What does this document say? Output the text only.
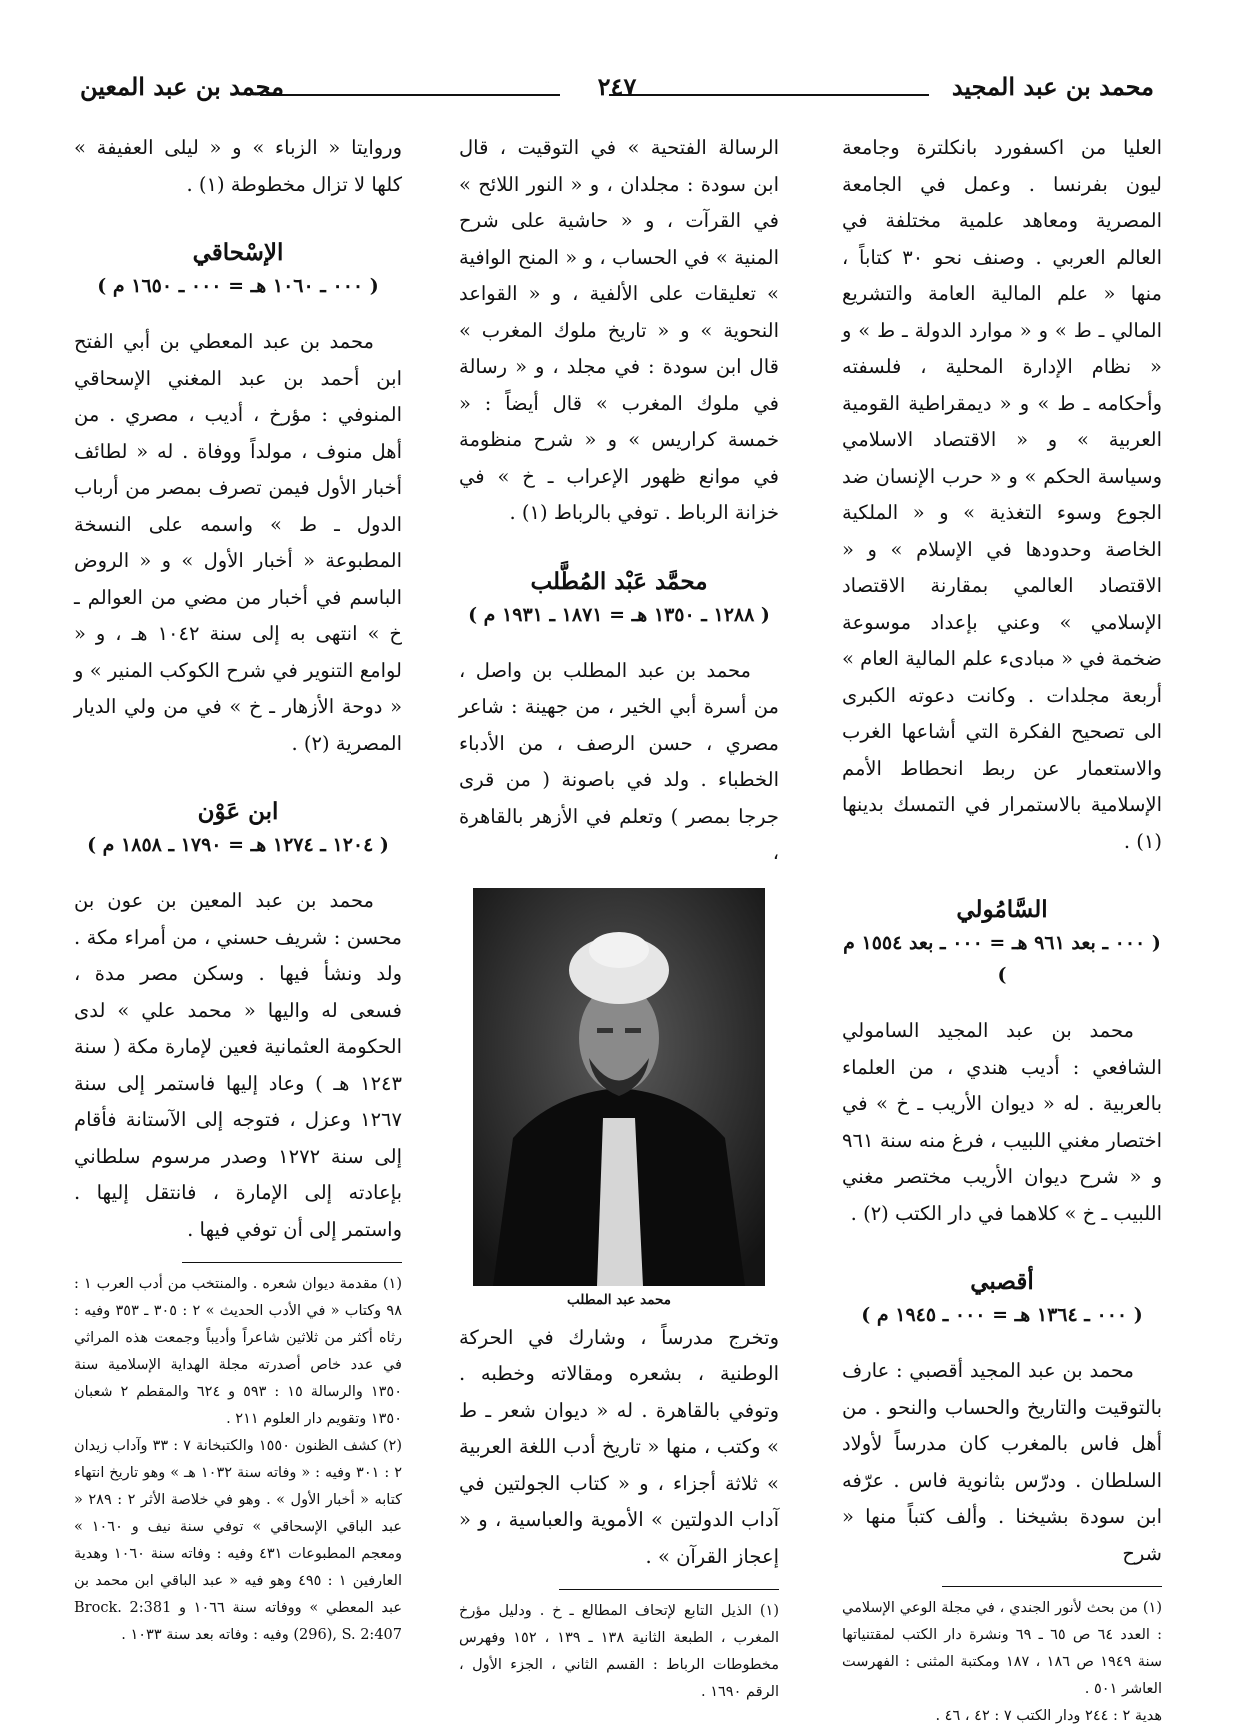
محمد بن عبد المجيد
٢٤٧
محمد بن عبد المعين

العليا من اكسفورد بانكلترة وجامعة ليون بفرنسا . وعمل في الجامعة المصرية ومعاهد علمية مختلفة في العالم العربي . وصنف نحو ٣٠ كتاباً ، منها « علم المالية العامة والتشريع المالي ـ ط » و « موارد الدولة ـ ط » و « نظام الإدارة المحلية ، فلسفته وأحكامه ـ ط » و « ديمقراطية القومية العربية » و « الاقتصاد الاسلامي وسياسة الحكم » و « حرب الإنسان ضد الجوع وسوء التغذية » و « الملكية الخاصة وحدودها في الإسلام » و « الاقتصاد العالمي بمقارنة الاقتصاد الإسلامي » وعني بإعداد موسوعة ضخمة في « مبادىء علم المالية العام » أربعة مجلدات . وكانت دعوته الكبرى الى تصحيح الفكرة التي أشاعها الغرب والاستعمار عن ربط انحطاط الأمم الإسلامية بالاستمرار في التمسك بدينها (١) .

السَّامُولي
( ٠٠٠ ـ بعد ٩٦١ هـ = ٠٠٠ ـ بعد ١٥٥٤ م )

محمد بن عبد المجيد السامولي الشافعي : أديب هندي ، من العلماء بالعربية . له « ديوان الأريب ـ خ » في اختصار مغني اللبيب ، فرغ منه سنة ٩٦١ و « شرح ديوان الأريب مختصر مغني اللبيب ـ خ » كلاهما في دار الكتب (٢) .

أقصبي
( ٠٠٠ ـ ١٣٦٤ هـ = ٠٠٠ ـ ١٩٤٥ م )

محمد بن عبد المجيد أقصبي : عارف بالتوقيت والتاريخ والحساب والنحو . من أهل فاس بالمغرب كان مدرساً لأولاد السلطان . ودرّس بثانوية فاس . عرّفه ابن سودة بشيخنا . وألف كتباً منها « شرح

(١) من بحث لأنور الجندي ، في مجلة الوعي الإسلامي : العدد ٦٤ ص ٦٥ ـ ٦٩ ونشرة دار الكتب لمقتنياتها سنة ١٩٤٩ ص ١٨٦ ، ١٨٧ ومكتبة المثنى : الفهرست العاشر ٥٠١ .

هدية ٢ : ٢٤٤ ودار الكتب ٧ : ٤٢ ، ٤٦ .

الرسالة الفتحية » في التوقيت ، قال ابن سودة : مجلدان ، و « النور اللائح » في القرآت ، و « حاشية على شرح المنية » في الحساب ، و « المنح الوافية » تعليقات على الألفية ، و « القواعد النحوية » و « تاريخ ملوك المغرب » قال ابن سودة : في مجلد ، و « رسالة في ملوك المغرب » قال أيضاً : « خمسة كراريس » و « شرح منظومة في موانع ظهور الإعراب ـ خ » في خزانة الرباط . توفي بالرباط (١) .

محمَّد عَبْد المُطَّلب
( ١٢٨٨ ـ ١٣٥٠ هـ = ١٨٧١ ـ ١٩٣١ م )

محمد بن عبد المطلب بن واصل ، من أسرة أبي الخير ، من جهينة : شاعر مصري ، حسن الرصف ، من الأدباء الخطباء . ولد في باصونة ( من قرى جرجا بمصر ) وتعلم في الأزهر بالقاهرة ،

محمد عبد المطلب

وتخرج مدرساً ، وشارك في الحركة الوطنية ، بشعره ومقالاته وخطبه . وتوفي بالقاهرة . له « ديوان شعر ـ ط » وكتب ، منها « تاريخ أدب اللغة العربية » ثلاثة أجزاء ، و « كتاب الجولتين في آداب الدولتين » الأموية والعباسية ، و « إعجاز القرآن » .

(١) الذيل التابع لإتحاف المطالع ـ خ . ودليل مؤرخ المغرب ، الطبعة الثانية ١٣٨ ـ ١٣٩ ، ١٥٢ وفهرس مخطوطات الرباط : القسم الثاني ، الجزء الأول ، الرقم ١٦٩٠ .

وروايتا « الزباء » و « ليلى العفيفة » كلها لا تزال مخطوطة (١) .

الإسْحاقي
( ٠٠٠ ـ ١٠٦٠ هـ = ٠٠٠ ـ ١٦٥٠ م )

محمد بن عبد المعطي بن أبي الفتح ابن أحمد بن عبد المغني الإسحاقي المنوفي : مؤرخ ، أديب ، مصري . من أهل منوف ، مولداً ووفاة . له « لطائف أخبار الأول فيمن تصرف بمصر من أرباب الدول ـ ط » واسمه على النسخة المطبوعة « أخبار الأول » و « الروض الباسم في أخبار من مضي من العوالم ـ خ » انتهى به إلى سنة ١٠٤٢ هـ ، و « لوامع التنوير في شرح الكوكب المنير » و « دوحة الأزهار ـ خ » في من ولي الديار المصرية (٢) .

ابن عَوْن
( ١٢٠٤ ـ ١٢٧٤ هـ = ١٧٩٠ ـ ١٨٥٨ م )

محمد بن عبد المعين بن عون بن محسن : شريف حسني ، من أمراء مكة . ولد ونشأ فيها . وسكن مصر مدة ، فسعى له واليها « محمد علي » لدى الحكومة العثمانية فعين لإمارة مكة ( سنة ١٢٤٣ هـ ) وعاد إليها فاستمر إلى سنة ١٢٦٧ وعزل ، فتوجه إلى الآستانة فأقام إلى سنة ١٢٧٢ وصدر مرسوم سلطاني بإعادته إلى الإمارة ، فانتقل إليها . واستمر إلى أن توفي فيها .

(١) مقدمة ديوان شعره . والمنتخب من أدب العرب ١ : ٩٨ وكتاب « في الأدب الحديث » ٢ : ٣٠٥ ـ ٣٥٣ وفيه : رثاه أكثر من ثلاثين شاعراً وأديباً وجمعت هذه المراثي في عدد خاص أصدرته مجلة الهداية الإسلامية سنة ١٣٥٠ والرسالة ١٥ : ٥٩٣ و ٦٢٤ والمقطم ٢ شعبان ١٣٥٠ وتقويم دار العلوم ٢١١ .

(٢) كشف الظنون ١٥٥٠ والكتبخانة ٧ : ٣٣ وآداب زيدان ٢ : ٣٠١ وفيه : « وفاته سنة ١٠٣٢ هـ » وهو تاريخ انتهاء كتابه « أخبار الأول » . وهو في خلاصة الأثر ٢ : ٢٨٩ « عبد الباقي الإسحاقي » توفي سنة نيف و ١٠٦٠ » ومعجم المطبوعات ٤٣١ وفيه : وفاته سنة ١٠٦٠ وهدية العارفين ١ : ٤٩٥ وهو فيه « عبد الباقي ابن محمد بن عبد المعطي » ووفاته سنة ١٠٦٦ و Brock. 2:381 (296), S. 2:407 وفيه : وفاته بعد سنة ١٠٣٣ .
